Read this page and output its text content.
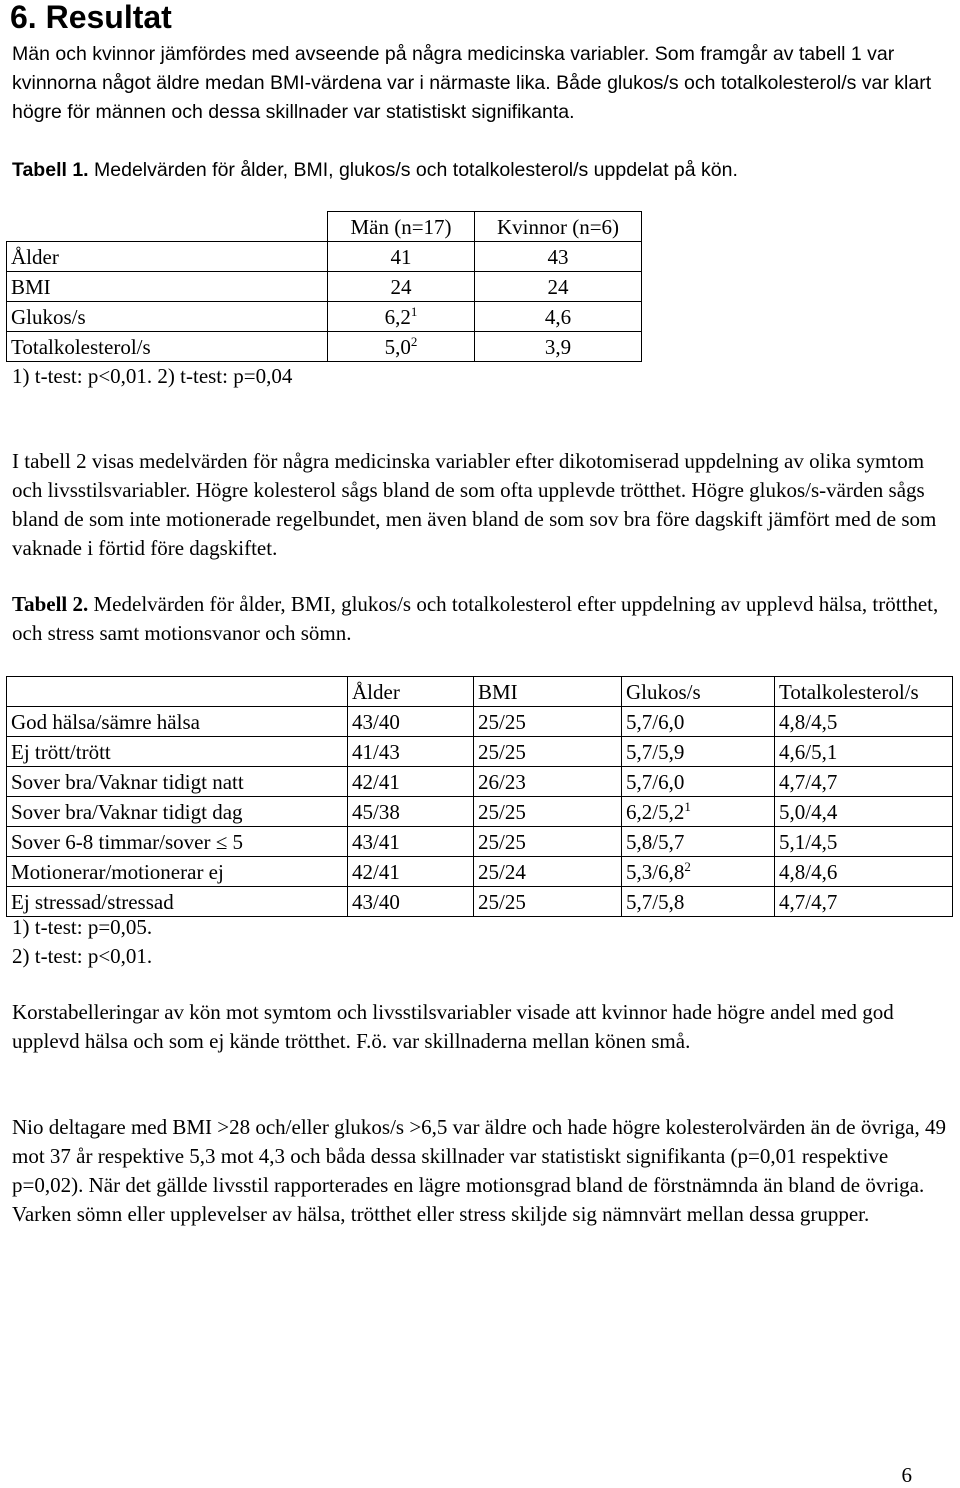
6. Resultat

Män och kvinnor jämfördes med avseende på några medicinska variabler. Som framgår av tabell 1 var kvinnorna något äldre medan BMI-värdena var i närmaste lika. Både glukos/s och totalkolesterol/s var klart högre för männen och dessa skillnader var statistiskt signifikanta.

Tabell 1. Medelvärden för ålder, BMI, glukos/s och totalkolesterol/s uppdelat på kön.

	Män (n=17)	Kvinnor (n=6)
Ålder	41	43
BMI	24	24
Glukos/s	$6,2^1$	4,6
Totalkolesterol/s	$5,0^2$	3,9

1) t-test: p<0,01. 2) t-test: p=0,04

I tabell 2 visas medelvärden för några medicinska variabler efter dikotomiserad uppdelning av olika symtom och livsstilsvariabler. Högre kolesterol sågs bland de som ofta upplevde trötthet. Högre glukos/s-värden sågs bland de som inte motionerade regelbundet, men även bland de som sov bra före dagskift jämfört med de som vaknade i förtid före dagskiftet.

Tabell 2. Medelvärden för ålder, BMI, glukos/s och totalkolesterol efter uppdelning av upplevd hälsa, trötthet, och stress samt motionsvanor och sömn.

	Ålder	BMI	Glukos/s	Totalkolesterol/s
God hälsa/sämre hälsa	43/40	25/25	5,7/6,0	4,8/4,5
Ej trött/trött	41/43	25/25	5,7/5,9	4,6/5,1
Sover bra/Vaknar tidigt natt	42/41	26/23	5,7/6,0	4,7/4,7
Sover bra/Vaknar tidigt dag	45/38	25/25	$6,2/5,2^1$	5,0/4,4
Sover 6-8 timmar/sover ≤ 5	43/41	25/25	5,8/5,7	5,1/4,5
Motionerar/motionerar ej	42/41	25/24	$5,3/6,8^2$	4,8/4,6
Ej stressad/stressad	43/40	25/25	5,7/5,8	4,7/4,7

1) t-test: p=0,05.

2) t-test: p<0,01.

Korstabelleringar av kön mot symtom och livsstilsvariabler visade att kvinnor hade högre andel med god upplevd hälsa och som ej kände trötthet. F.ö. var skillnaderna mellan könen små.

Nio deltagare med BMI >28 och/eller glukos/s >6,5 var äldre och hade högre kolesterolvärden än de övriga, 49 mot 37 år respektive 5,3 mot 4,3 och båda dessa skillnader var statistiskt signifikanta (p=0,01 respektive p=0,02). När det gällde livsstil rapporterades en lägre motionsgrad bland de förstnämnda än bland de övriga. Varken sömn eller upplevelser av hälsa, trötthet eller stress skiljde sig nämnvärt mellan dessa grupper.

6
